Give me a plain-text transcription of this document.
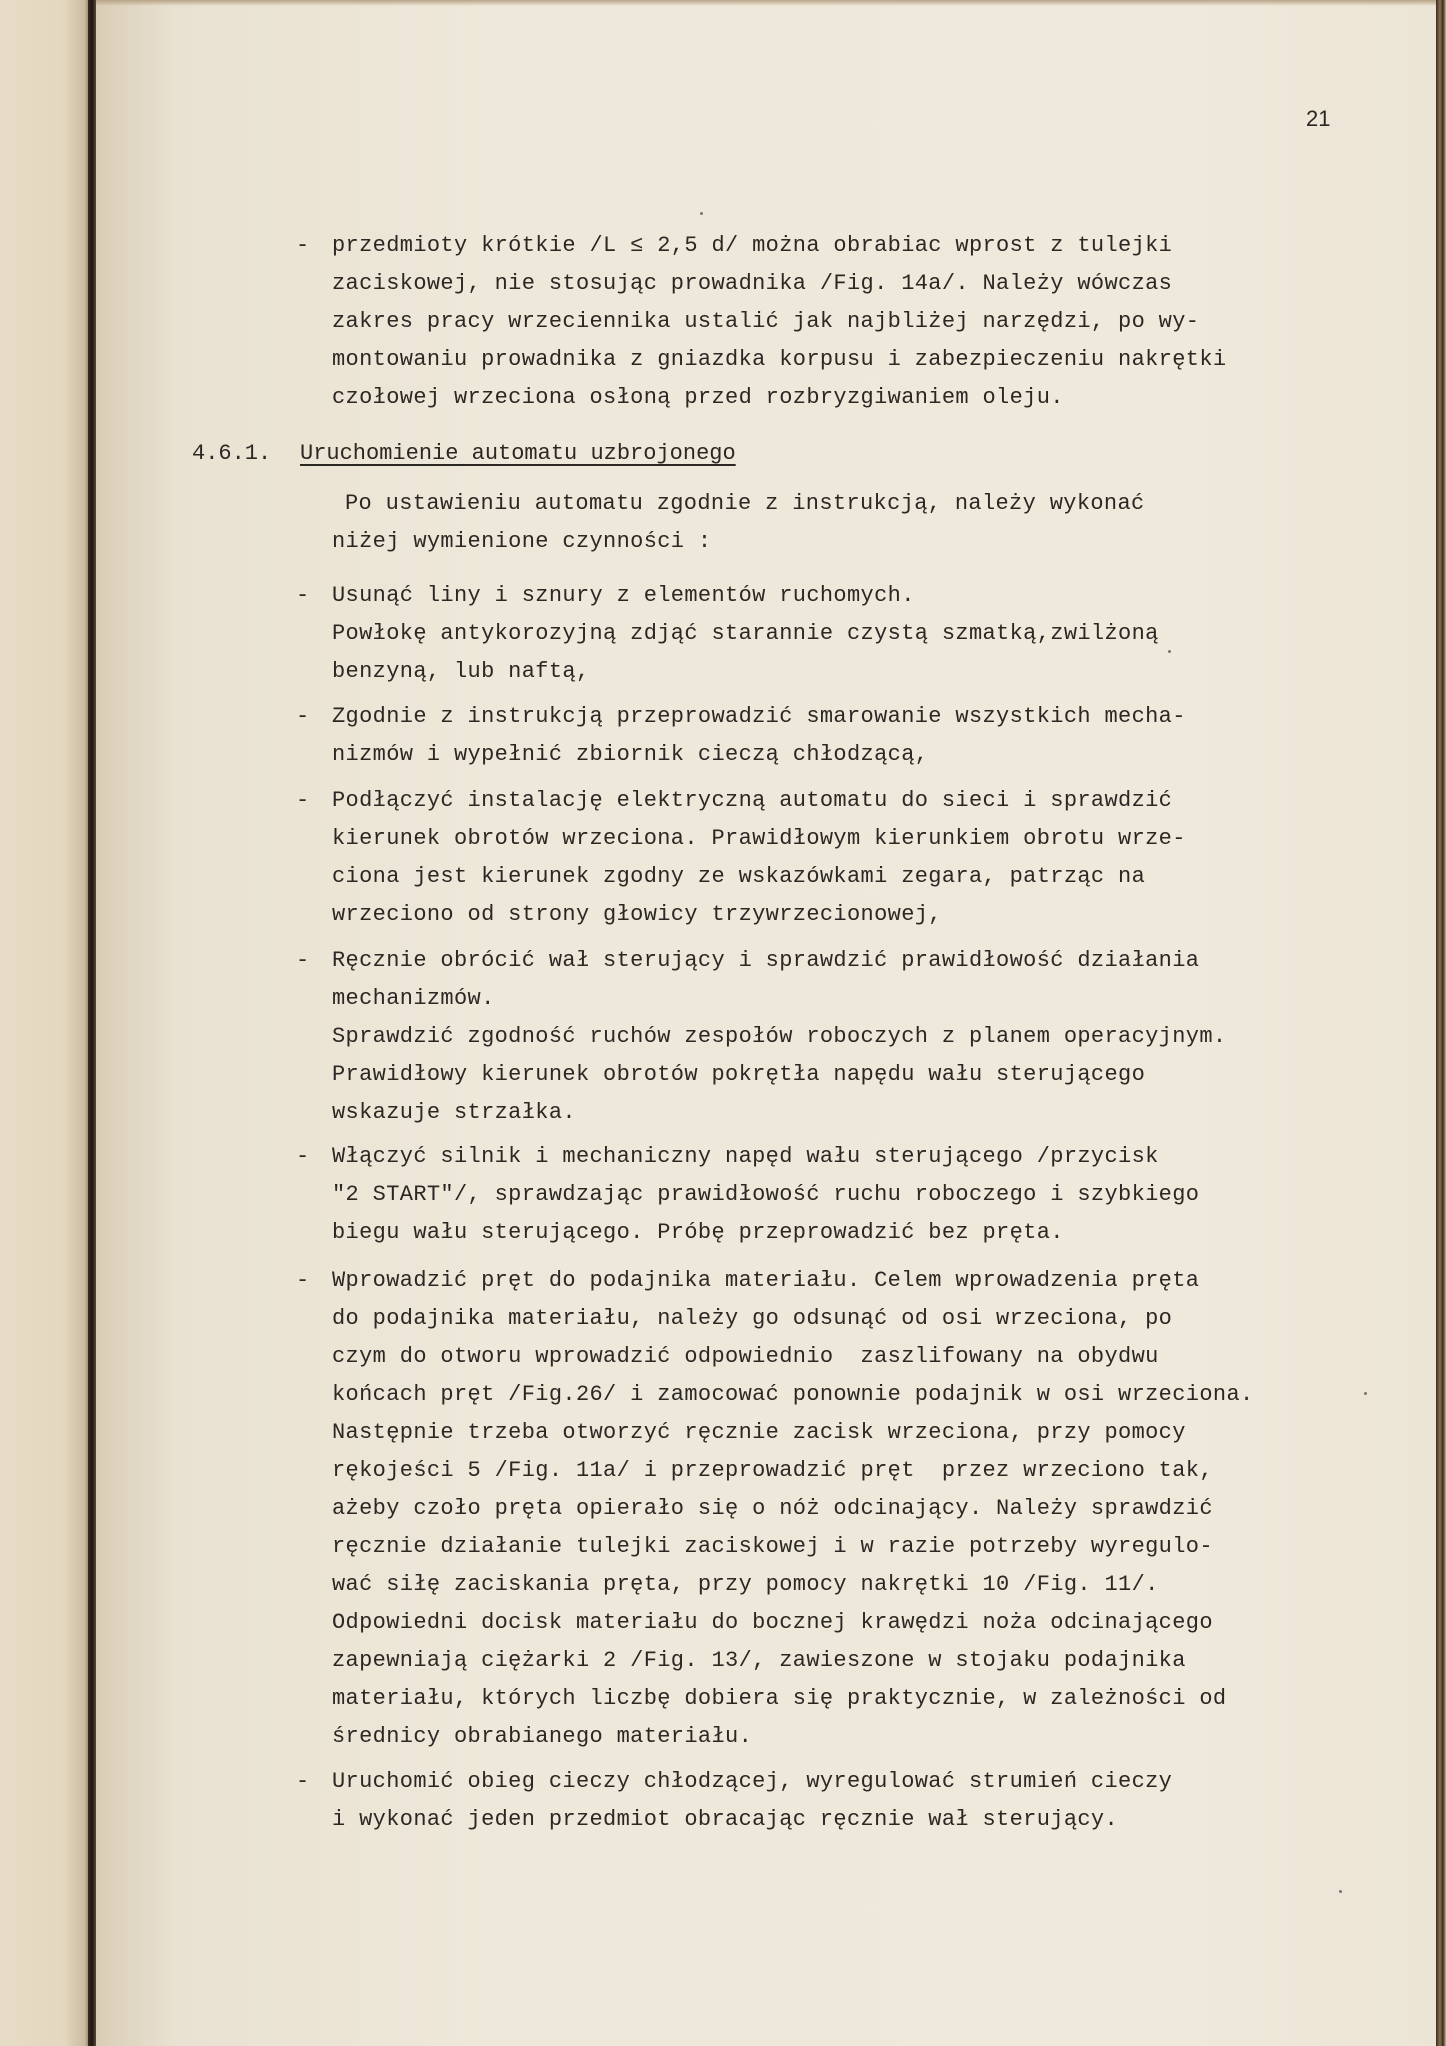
21
-

przedmioty krótkie /L ≤ 2,5 d/ można obrabiac wprost z tulejki

zaciskowej, nie stosując prowadnika /Fig. 14a/. Należy wówczas

zakres pracy wrzeciennika ustalić jak najbliżej narzędzi, po wy-

montowaniu prowadnika z gniazdka korpusu i zabezpieczeniu nakrętki

czołowej wrzeciona osłoną przed rozbryzgiwaniem oleju.

4.6.1. Uruchomienie automatu uzbrojonego

Po ustawieniu automatu zgodnie z instrukcją, należy wykonać

niżej wymienione czynności :

-

Usunąć liny i sznury z elementów ruchomych.

Powłokę antykorozyjną zdjąć starannie czystą szmatką,zwilżoną

benzyną, lub naftą,

-

Zgodnie z instrukcją przeprowadzić smarowanie wszystkich mecha-

nizmów i wypełnić zbiornik cieczą chłodzącą,

-

Podłączyć instalację elektryczną automatu do sieci i sprawdzić

kierunek obrotów wrzeciona. Prawidłowym kierunkiem obrotu wrze-

ciona jest kierunek zgodny ze wskazówkami zegara, patrząc na

wrzeciono od strony głowicy trzywrzecionowej,

-

Ręcznie obrócić wał sterujący i sprawdzić prawidłowość działania

mechanizmów.

Sprawdzić zgodność ruchów zespołów roboczych z planem operacyjnym.

Prawidłowy kierunek obrotów pokrętła napędu wału sterującego

wskazuje strzałka.

-

Włączyć silnik i mechaniczny napęd wału sterującego /przycisk

"2 START"/, sprawdzając prawidłowość ruchu roboczego i szybkiego

biegu wału sterującego. Próbę przeprowadzić bez pręta.

-

Wprowadzić pręt do podajnika materiału. Celem wprowadzenia pręta

do podajnika materiału, należy go odsunąć od osi wrzeciona, po

czym do otworu wprowadzić odpowiednio  zaszlifowany na obydwu

końcach pręt /Fig.26/ i zamocować ponownie podajnik w osi wrzeciona.

Następnie trzeba otworzyć ręcznie zacisk wrzeciona, przy pomocy

rękojeści 5 /Fig. 11a/ i przeprowadzić pręt  przez wrzeciono tak,

ażeby czoło pręta opierało się o nóż odcinający. Należy sprawdzić

ręcznie działanie tulejki zaciskowej i w razie potrzeby wyregulo-

wać siłę zaciskania pręta, przy pomocy nakrętki 10 /Fig. 11/.

Odpowiedni docisk materiału do bocznej krawędzi noża odcinającego

zapewniają ciężarki 2 /Fig. 13/, zawieszone w stojaku podajnika

materiału, których liczbę dobiera się praktycznie, w zależności od

średnicy obrabianego materiału.

-

Uruchomić obieg cieczy chłodzącej, wyregulować strumień cieczy

i wykonać jeden przedmiot obracając ręcznie wał sterujący.
